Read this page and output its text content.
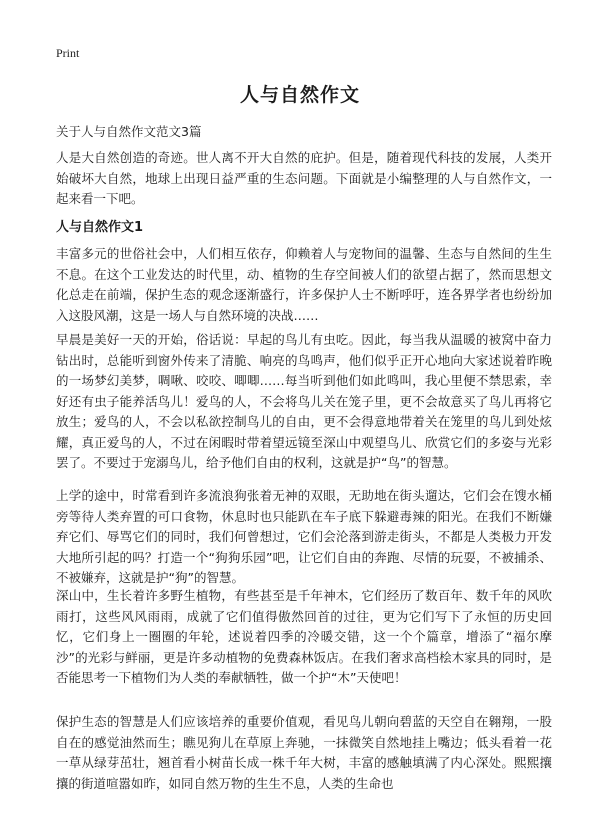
Print
人与自然作文
关于人与自然作文范文3篇

人是大自然创造的奇迹。世人离不开大自然的庇护。但是，随着现代科技的发展，人类开始破坏大自然，地球上出现日益严重的生态问题。下面就是小编整理的人与自然作文，一起来看一下吧。

人与自然作文1

丰富多元的世俗社会中，人们相互依存，仰赖着人与宠物间的温馨、生态与自然间的生生不息。在这个工业发达的时代里，动、植物的生存空间被人们的欲望占据了，然而思想文化总走在前端，保护生态的观念逐渐盛行，许多保护人士不断呼吁，连各界学者也纷纷加入这股风潮，这是一场人与自然环境的决战……

早晨是美好一天的开始，俗话说：早起的鸟儿有虫吃。因此，每当我从温暖的被窝中奋力钻出时，总能听到窗外传来了清脆、响亮的鸟鸣声，他们似乎正开心地向大家述说着昨晚的一场梦幻美梦，啁啾、咬咬、唧唧……每当听到他们如此鸣叫，我心里便不禁思索，幸好还有虫子能养活鸟儿！爱鸟的人，不会将鸟儿关在笼子里，更不会故意买了鸟儿再将它放生；爱鸟的人，不会以私欲控制鸟儿的自由，更不会得意地带着关在笼里的鸟儿到处炫耀，真正爱鸟的人，不过在闲暇时带着望远镜至深山中观望鸟儿、欣赏它们的多姿与光彩罢了。不要过于宠溺鸟儿，给予他们自由的权利，这就是护“鸟”的智慧。

上学的途中，时常看到许多流浪狗张着无神的双眼，无助地在街头遛达，它们会在馊水桶旁等待人类弃置的可口食物，休息时也只能趴在车子底下躲避毒辣的阳光。在我们不断嫌弃它们、辱骂它们的同时，我们何曾想过，它们会沦落到游走街头，不都是人类极力开发大地所引起的吗？打造一个“狗狗乐园”吧，让它们自由的奔跑、尽情的玩耍，不被捕杀、不被嫌弃，这就是护“狗”的智慧。

深山中，生长着许多野生植物，有些甚至是千年神木，它们经历了数百年、数千年的风吹雨打，这些风风雨雨，成就了它们值得傲然回首的过往，更为它们写下了永恒的历史回忆，它们身上一圈圈的年轮，述说着四季的冷暖交错，这一个个篇章，增添了“福尔摩沙”的光彩与鲜丽，更是许多动植物的免费森林饭店。在我们奢求高档桧木家具的同时，是否能思考一下植物们为人类的奉献牺牲，做一个护“木”天使吧！

保护生态的智慧是人们应该培养的重要价值观，看见鸟儿朝向碧蓝的天空自在翱翔，一股自在的感觉油然而生；瞧见狗儿在草原上奔驰，一抹微笑自然地挂上嘴边；低头看着一花一草从绿芽茁壮，翘首看小树苗长成一株千年大树，丰富的感触填满了内心深处。熙熙攘攘的街道喧嚣如昨，如同自然万物的生生不息，人类的生命也
